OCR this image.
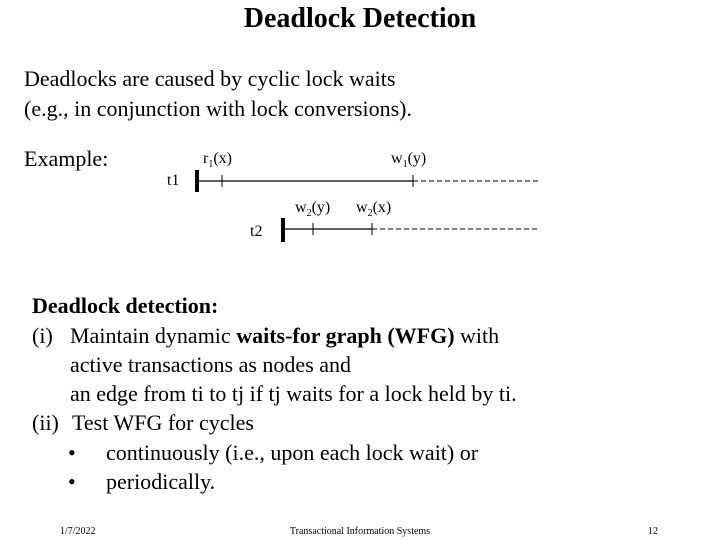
Deadlock Detection
Deadlocks are caused by cyclic lock waits
(e.g., in conjunction with lock conversions).
Example:
t1
t2
$r_1(x)$	$w_1(y)$
$w_2(y)$ $w_2(x)$
Deadlock detection:
(i) Maintain dynamic waits-for graph (WFG) with
active transactions as nodes and
an edge from ti to tj if tj waits for a lock held by ti.
(ii) Test WFG for cycles
• continuously (i.e., upon each lock wait) or
• periodically.
1/7/2022	Transactional Information Systems	12
